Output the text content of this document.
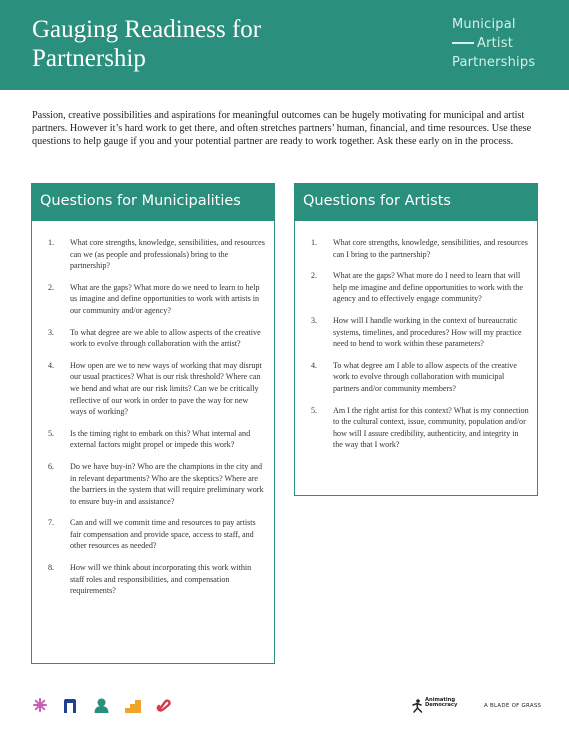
Gauging Readiness for
Partnership
Municipal
Artist
Partnerships

Passion, creative possibilities and aspirations for meaningful outcomes can be hugely motivating for municipal and artist partners. However it’s hard work to get there, and often stretches partners’ human, financial, and time resources. Use these questions to help gauge if you and your potential partner are ready to work together. Ask these early on in the process.

Questions for Municipalities
1.	What core strengths, knowledge, sensibilities, and resources can we (as people and professionals) bring to the partnership?
2.	What are the gaps? What more do we need to learn to help us imagine and define opportunities to work with artists in our community and/or agency?
3.	To what degree are we able to allow aspects of the creative work to evolve through collaboration with the artist?
4.	How open are we to new ways of working that may disrupt our usual practices? What is our risk threshold? Where can we bend and what are our risk limits? Can we be critically reflective of our work in order to pave the way for new ways of working?
5.	Is the timing right to embark on this? What internal and external factors might propel or impede this work?
6.	Do we have buy-in? Who are the champions in the city and in relevant departments? Who are the skeptics? Where are the barriers in the system that will require preliminary work to ensure buy-in and assistance?
7.	Can and will we commit time and resources to pay artists fair compensation and provide space, access to staff, and other resources as needed?
8.	How will we think about incorporating this work within staff roles and responsibilities, and compensation requirements?
Questions for Artists
1.	What core strengths, knowledge, sensibilities, and resources can I bring to the partnership?
2.	What are the gaps? What more do I need to learn that will help me imagine and define opportunities to work with the agency and to effectively engage community?
3.	How will I handle working in the context of bureaucratic systems, timelines, and procedures? How will my practice need to bend to work within these parameters?
4.	To what degree am I able to allow aspects of the creative work to evolve through collaboration with municipal partners and/or community members?
5.	Am I the right artist for this context? What is my connection to the cultural context, issue, community, population and/or how will I assure credibility, authenticity, and integrity in the way that I work?
Animating
Democracy	A BLADE OF GRASS
